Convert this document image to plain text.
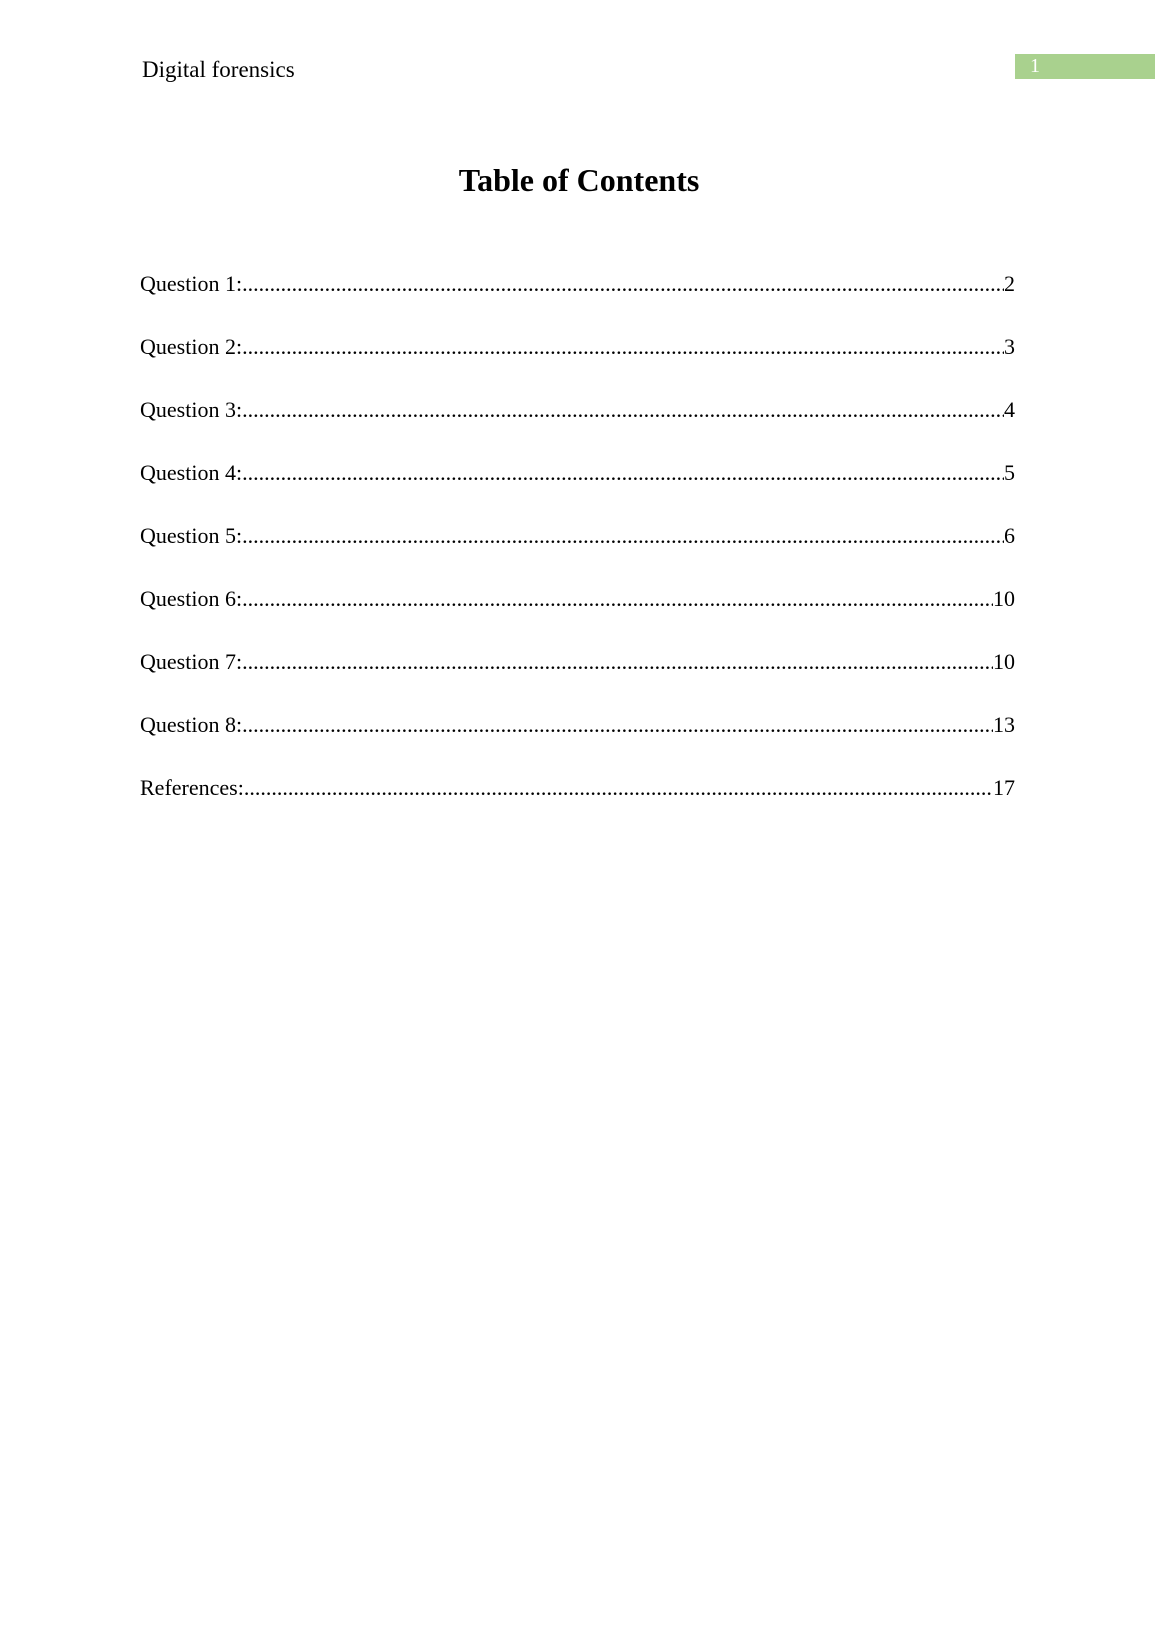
Digital forensics	1
Table of Contents
Question 1: .....	2
Question 2: .....	3
Question 3: .....	4
Question 4: .....	5
Question 5: .....	6
Question 6: .....	10
Question 7: .....	10
Question 8: .....	13
References: .....	17
